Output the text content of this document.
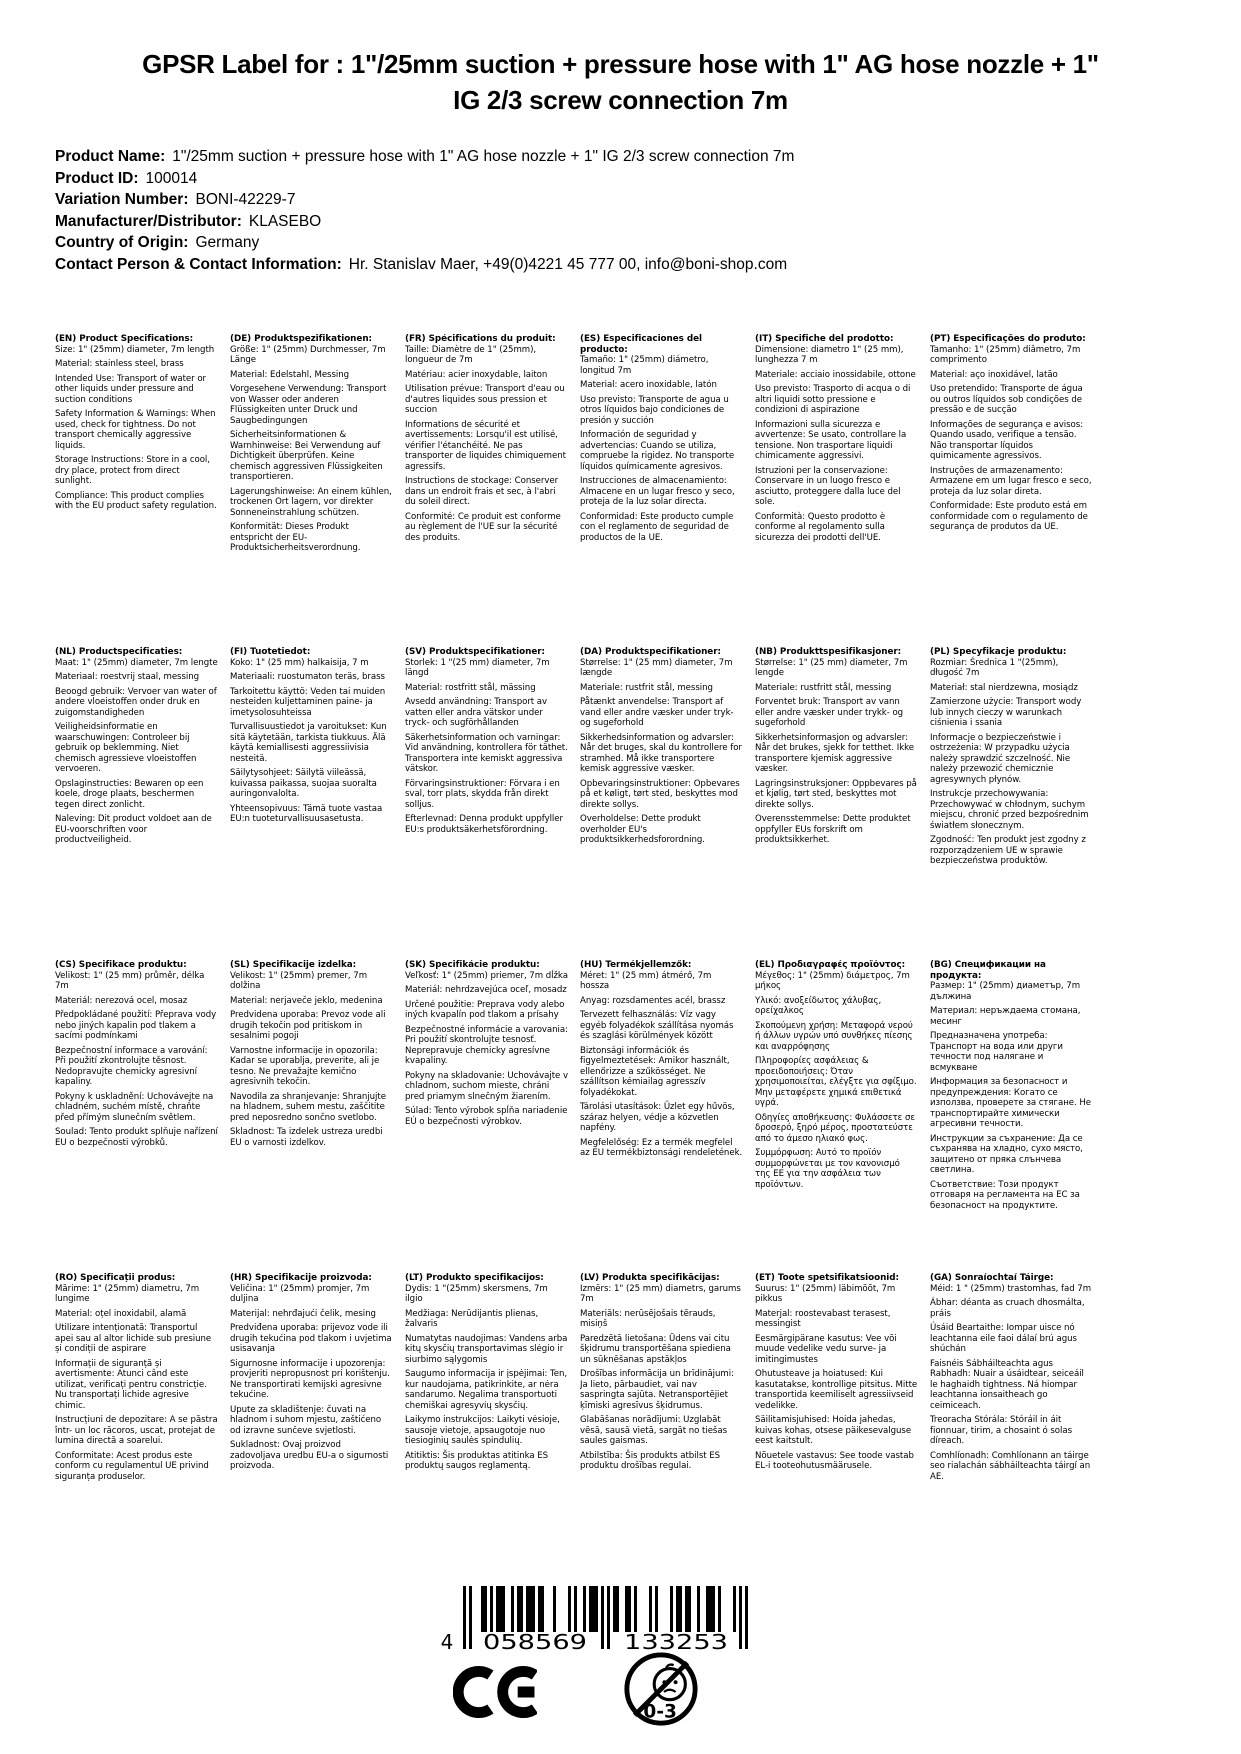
GPSR Label for : 1"/25mm suction + pressure hose with 1" AG hose nozzle + 1" IG 2/3 screw connection 7m
Product Name: 1"/25mm suction + pressure hose with 1" AG hose nozzle + 1" IG 2/3 screw connection 7m
Product ID: 100014
Variation Number: BONI-42229-7
Manufacturer/Distributor: KLASEBO
Country of Origin: Germany
Contact Person & Contact Information: Hr. Stanislav Maer, +49(0)4221 45 777 00, info@boni-shop.com
(EN) Product Specifications:

Size: 1" (25mm) diameter, 7m length

Material: stainless steel, brass

Intended Use: Transport of water or other liquids under pressure and suction conditions

Safety Information & Warnings: When used, check for tightness. Do not transport chemically aggressive liquids.

Storage Instructions: Store in a cool, dry place, protect from direct sunlight.

Compliance: This product complies with the EU product safety regulation.

(DE) Produktspezifikationen:

Größe: 1" (25mm) Durchmesser, 7m Länge

Material: Edelstahl, Messing

Vorgesehene Verwendung: Transport von Wasser oder anderen Flüssigkeiten unter Druck und Saugbedingungen

Sicherheitsinformationen & Warnhinweise: Bei Verwendung auf Dichtigkeit überprüfen. Keine chemisch aggressiven Flüssigkeiten transportieren.

Lagerungshinweise: An einem kühlen, trockenen Ort lagern, vor direkter Sonneneinstrahlung schützen.

Konformität: Dieses Produkt entspricht der EU-Produktsicherheitsverordnung.

(FR) Spécifications du produit:

Taille: Diamètre de 1" (25mm), longueur de 7m

Matériau: acier inoxydable, laiton

Utilisation prévue: Transport d'eau ou d'autres liquides sous pression et succion

Informations de sécurité et avertissements: Lorsqu'il est utilisé, vérifier l'étanchéité. Ne pas transporter de liquides chimiquement agressifs.

Instructions de stockage: Conserver dans un endroit frais et sec, à l'abri du soleil direct.

Conformité: Ce produit est conforme au règlement de l'UE sur la sécurité des produits.

(ES) Especificaciones del producto:

Tamaño: 1" (25mm) diámetro, longitud 7m

Material: acero inoxidable, latón

Uso previsto: Transporte de agua u otros líquidos bajo condiciones de presión y succión

Información de seguridad y advertencias: Cuando se utiliza, compruebe la rigidez. No transporte líquidos químicamente agresivos.

Instrucciones de almacenamiento: Almacene en un lugar fresco y seco, proteja de la luz solar directa.

Conformidad: Este producto cumple con el reglamento de seguridad de productos de la UE.

(IT) Specifiche del prodotto:

Dimensione: diametro 1" (25 mm), lunghezza 7 m

Materiale: acciaio inossidabile, ottone

Uso previsto: Trasporto di acqua o di altri liquidi sotto pressione e condizioni di aspirazione

Informazioni sulla sicurezza e avvertenze: Se usato, controllare la tensione. Non trasportare liquidi chimicamente aggressivi.

Istruzioni per la conservazione: Conservare in un luogo fresco e asciutto, proteggere dalla luce del sole.

Conformità: Questo prodotto è conforme al regolamento sulla sicurezza dei prodotti dell'UE.

(PT) Especificações do produto:

Tamanho: 1" (25mm) diâmetro, 7m comprimento

Material: aço inoxidável, latão

Uso pretendido: Transporte de água ou outros líquidos sob condições de pressão e de sucção

Informações de segurança e avisos: Quando usado, verifique a tensão. Não transportar líquidos quimicamente agressivos.

Instruções de armazenamento: Armazene em um lugar fresco e seco, proteja da luz solar direta.

Conformidade: Este produto está em conformidade com o regulamento de segurança de produtos da UE.

(NL) Productspecificaties:

Maat: 1" (25mm) diameter, 7m lengte

Materiaal: roestvrij staal, messing

Beoogd gebruik: Vervoer van water of andere vloeistoffen onder druk en zuigomstandigheden

Veiligheidsinformatie en waarschuwingen: Controleer bij gebruik op beklemming. Niet chemisch agressieve vloeistoffen vervoeren.

Opslaginstructies: Bewaren op een koele, droge plaats, beschermen tegen direct zonlicht.

Naleving: Dit product voldoet aan de EU-voorschriften voor productveiligheid.

(FI) Tuotetiedot:

Koko: 1" (25 mm) halkaisija, 7 m

Materiaali: ruostumaton teräs, brass

Tarkoitettu käyttö: Veden tai muiden nesteiden kuljettaminen paine- ja imetysolosuhteissa

Turvallisuustiedot ja varoitukset: Kun sitä käytetään, tarkista tiukkuus. Älä käytä kemiallisesti aggressiivisia nesteitä.

Säilytysohjeet: Säilytä viileässä, kuivassa paikassa, suojaa suoralta auringonvalolta.

Yhteensopivuus: Tämä tuote vastaa EU:n tuoteturvallisuusasetusta.

(SV) Produktspecifikationer:

Storlek: 1 "(25 mm) diameter, 7m längd

Material: rostfritt stål, mässing

Avsedd användning: Transport av vatten eller andra vätskor under tryck- och sugförhållanden

Säkerhetsinformation och varningar: Vid användning, kontrollera för täthet. Transportera inte kemiskt aggressiva vätskor.

Förvaringsinstruktioner: Förvara i en sval, torr plats, skydda från direkt solljus.

Efterlevnad: Denna produkt uppfyller EU:s produktsäkerhetsförordning.

(DA) Produktspecifikationer:

Størrelse: 1" (25 mm) diameter, 7m længde

Materiale: rustfrit stål, messing

Påtænkt anvendelse: Transport af vand eller andre væsker under tryk- og sugeforhold

Sikkerhedsinformation og advarsler: Når det bruges, skal du kontrollere for stramhed. Må ikke transportere kemisk aggressive væsker.

Opbevaringsinstruktioner: Opbevares på et køligt, tørt sted, beskyttes mod direkte sollys.

Overholdelse: Dette produkt overholder EU's produktsikkerhedsforordning.

(NB) Produkttspesifikasjoner:

Størrelse: 1" (25 mm) diameter, 7m lengde

Materiale: rustfritt stål, messing

Forventet bruk: Transport av vann eller andre væsker under trykk- og sugeforhold

Sikkerhetsinformasjon og advarsler: Når det brukes, sjekk for tetthet. Ikke transportere kjemisk aggressive væsker.

Lagringsinstruksjoner: Oppbevares på et kjølig, tørt sted, beskyttes mot direkte sollys.

Overensstemmelse: Dette produktet oppfyller EUs forskrift om produktsikkerhet.

(PL) Specyfikacje produktu:

Rozmiar: Średnica 1 "(25mm), długość 7m

Materiał: stal nierdzewna, mosiądz

Zamierzone użycie: Transport wody lub innych cieczy w warunkach ciśnienia i ssania

Informacje o bezpieczeństwie i ostrzeżenia: W przypadku użycia należy sprawdzić szczelność. Nie należy przewozić chemicznie agresywnych płynów.

Instrukcje przechowywania: Przechowywać w chłodnym, suchym miejscu, chronić przed bezpośrednim światłem słonecznym.

Zgodność: Ten produkt jest zgodny z rozporządzeniem UE w sprawie bezpieczeństwa produktów.

(CS) Specifikace produktu:

Velikost: 1" (25 mm) průměr, délka 7m

Materiál: nerezová ocel, mosaz

Předpokládané použití: Přeprava vody nebo jiných kapalin pod tlakem a sacími podmínkami

Bezpečnostní informace a varování: Při použití zkontrolujte těsnost. Nedopravujte chemicky agresivní kapaliny.

Pokyny k uskladnění: Uchovávejte na chladném, suchém místě, chraňte před přímým slunečním světlem.

Soulad: Tento produkt splňuje nařízení EU o bezpečnosti výrobků.

(SL) Specifikacije izdelka:

Velikost: 1" (25mm) premer, 7m dolžina

Material: nerjaveče jeklo, medenina

Predvidena uporaba: Prevoz vode ali drugih tekočin pod pritiskom in sesalnimi pogoji

Varnostne informacije in opozorila: Kadar se uporablja, preverite, ali je tesno. Ne prevažajte kemično agresivnih tekočin.

Navodila za shranjevanje: Shranjujte na hladnem, suhem mestu, zaščitite pred neposredno sončno svetlobo.

Skladnost: Ta izdelek ustreza uredbi EU o varnosti izdelkov.

(SK) Špecifikácie produktu:

Veľkosť: 1" (25mm) priemer, 7m dĺžka

Materiál: nehrdzavejúca oceľ, mosadz

Určené použitie: Preprava vody alebo iných kvapalín pod tlakom a prísahy

Bezpečnostné informácie a varovania: Pri použití skontrolujte tesnosť. Neprepravuje chemicky agresívne kvapaliny.

Pokyny na skladovanie: Uchovávajte v chladnom, suchom mieste, chráni pred priamym slnečným žiarením.

Súlad: Tento výrobok spĺňa nariadenie EÚ o bezpečnosti výrobkov.

(HU) Termékjellemzők:

Méret: 1" (25 mm) átmérő, 7m hossza

Anyag: rozsdamentes acél, brassz

Tervezett felhasználás: Víz vagy egyéb folyadékok szállítása nyomás és szaglási körülmények között

Biztonsági információk és figyelmeztetések: Amikor használt, ellenőrizze a szűkösséget. Ne szállítson kémiailag agresszív folyadékokat.

Tárolási utasítások: Üzlet egy hűvös, száraz helyen, védje a közvetlen napfény.

Megfelelőség: Ez a termék megfelel az EU termékbiztonsági rendeletének.

(EL) Προδιαγραφές προϊόντος:

Μέγεθος: 1" (25mm) διάμετρος, 7m μήκος

Υλικό: ανοξείδωτος χάλυβας, ορείχαλκος

Σκοπούμενη χρήση: Μεταφορά νερού ή άλλων υγρών υπό συνθήκες πίεσης και αναρρόφησης

Πληροφορίες ασφάλειας & προειδοποιήσεις: Όταν χρησιμοποιείται, ελέγξτε για σφίξιμο. Μην μεταφέρετε χημικά επιθετικά υγρά.

Οδηγίες αποθήκευσης: Φυλάσσετε σε δροσερό, ξηρό μέρος, προστατεύστε από το άμεσο ηλιακό φως.

Συμμόρφωση: Αυτό το προϊόν συμμορφώνεται με τον κανονισμό της ΕΕ για την ασφάλεια των προϊόντων.

(BG) Спецификации на продукта:

Размер: 1" (25mm) диаметър, 7m дължина

Материал: неръждаема стомана, месинг

Предназначена употреба: Транспорт на вода или други течности под налягане и всмукване

Информация за безопасност и предупреждения: Когато се използва, проверете за стягане. Не транспортирайте химически агресивни течности.

Инструкции за съхранение: Да се съхранява на хладно, сухо място, защитено от пряка слънчева светлина.

Съответствие: Този продукт отговаря на регламента на ЕС за безопасност на продуктите.

(RO) Specificații produs:

Mărime: 1" (25mm) diametru, 7m lungime

Material: oțel inoxidabil, alamă

Utilizare intenționată: Transportul apei sau al altor lichide sub presiune și condiții de aspirare

Informații de siguranță și avertismente: Atunci când este utilizat, verificați pentru constricție. Nu transportați lichide agresive chimic.

Instrucțiuni de depozitare: A se păstra într- un loc răcoros, uscat, protejat de lumina directă a soarelui.

Conformitate: Acest produs este conform cu regulamentul UE privind siguranța produselor.

(HR) Specifikacije proizvoda:

Veličina: 1" (25mm) promjer, 7m duljina

Materijal: nehrđajući čelik, mesing

Predviđena uporaba: prijevoz vode ili drugih tekućina pod tlakom i uvjetima usisavanja

Sigurnosne informacije i upozorenja: provjeriti nepropusnost pri korištenju. Ne transportirati kemijski agresivne tekućine.

Upute za skladištenje: čuvati na hladnom i suhom mjestu, zaštićeno od izravne sunčeve svjetlosti.

Sukladnost: Ovaj proizvod zadovoljava uredbu EU-a o sigurnosti proizvoda.

(LT) Produkto specifikacijos:

Dydis: 1 "(25mm) skersmens, 7m ilgio

Medžiaga: Nerūdijantis plienas, žalvaris

Numatytas naudojimas: Vandens arba kitų skysčių transportavimas slėgio ir siurbimo sąlygomis

Saugumo informacija ir įspėjimai: Ten, kur naudojama, patikrinkite, ar nėra sandarumo. Negalima transportuoti chemiškai agresyvių skysčių.

Laikymo instrukcijos: Laikyti vėsioje, sausoje vietoje, apsaugotoje nuo tiesioginių saulės spindulių.

Atitiktis: Šis produktas atitinka ES produktų saugos reglamentą.

(LV) Produkta specifikācijas:

Izmērs: 1" (25 mm) diametrs, garums 7m

Materiāls: nerūsējošais tērauds, misiņš

Paredzētā lietošana: Ūdens vai citu šķidrumu transportēšana spiediena un sūknēšanas apstākļos

Drošības informācija un brīdinājumi: Ja lieto, pārbaudiet, vai nav saspringta sajūta. Netransportējiet ķīmiski agresīvus šķidrumus.

Glabāšanas norādījumi: Uzglabāt vēsā, sausā vietā, sargāt no tiešas saules gaismas.

Atbilstība: Šis produkts atbilst ES produktu drošības regulai.

(ET) Toote spetsifikatsioonid:

Suurus: 1" (25mm) läbimõõt, 7m pikkus

Materjal: roostevabast terasest, messingist

Eesmärgipärane kasutus: Vee või muude vedelike vedu surve- ja imitingimustes

Ohutusteave ja hoiatused: Kui kasutatakse, kontrollige pitsitus. Mitte transportida keemiliselt agressiivseid vedelikke.

Säilitamisjuhised: Hoida jahedas, kuivas kohas, otsese päikesevalguse eest kaitstult.

Nõuetele vastavus: See toode vastab EL-i tooteohutusmäärusele.

(GA) Sonraíochtaí Táirge:

Méid: 1 " (25mm) trastomhas, fad 7m

Ábhar: déanta as cruach dhosmálta, práis

Úsáid Beartaithe: Iompar uisce nó leachtanna eile faoi dálaí brú agus shúchán

Faisnéis Sábháilteachta agus Rabhadh: Nuair a úsáidtear, seiceáil le haghaidh tightness. Ná hiompar leachtanna ionsaitheach go ceimiceach.

Treoracha Stórála: Stóráil in áit fionnuar, tirim, a chosaint ó solas díreach.

Comhlíonadh: Comhlíonann an táirge seo rialachán sábháilteachta táirgí an AE.

4 058569 133253
0-3
